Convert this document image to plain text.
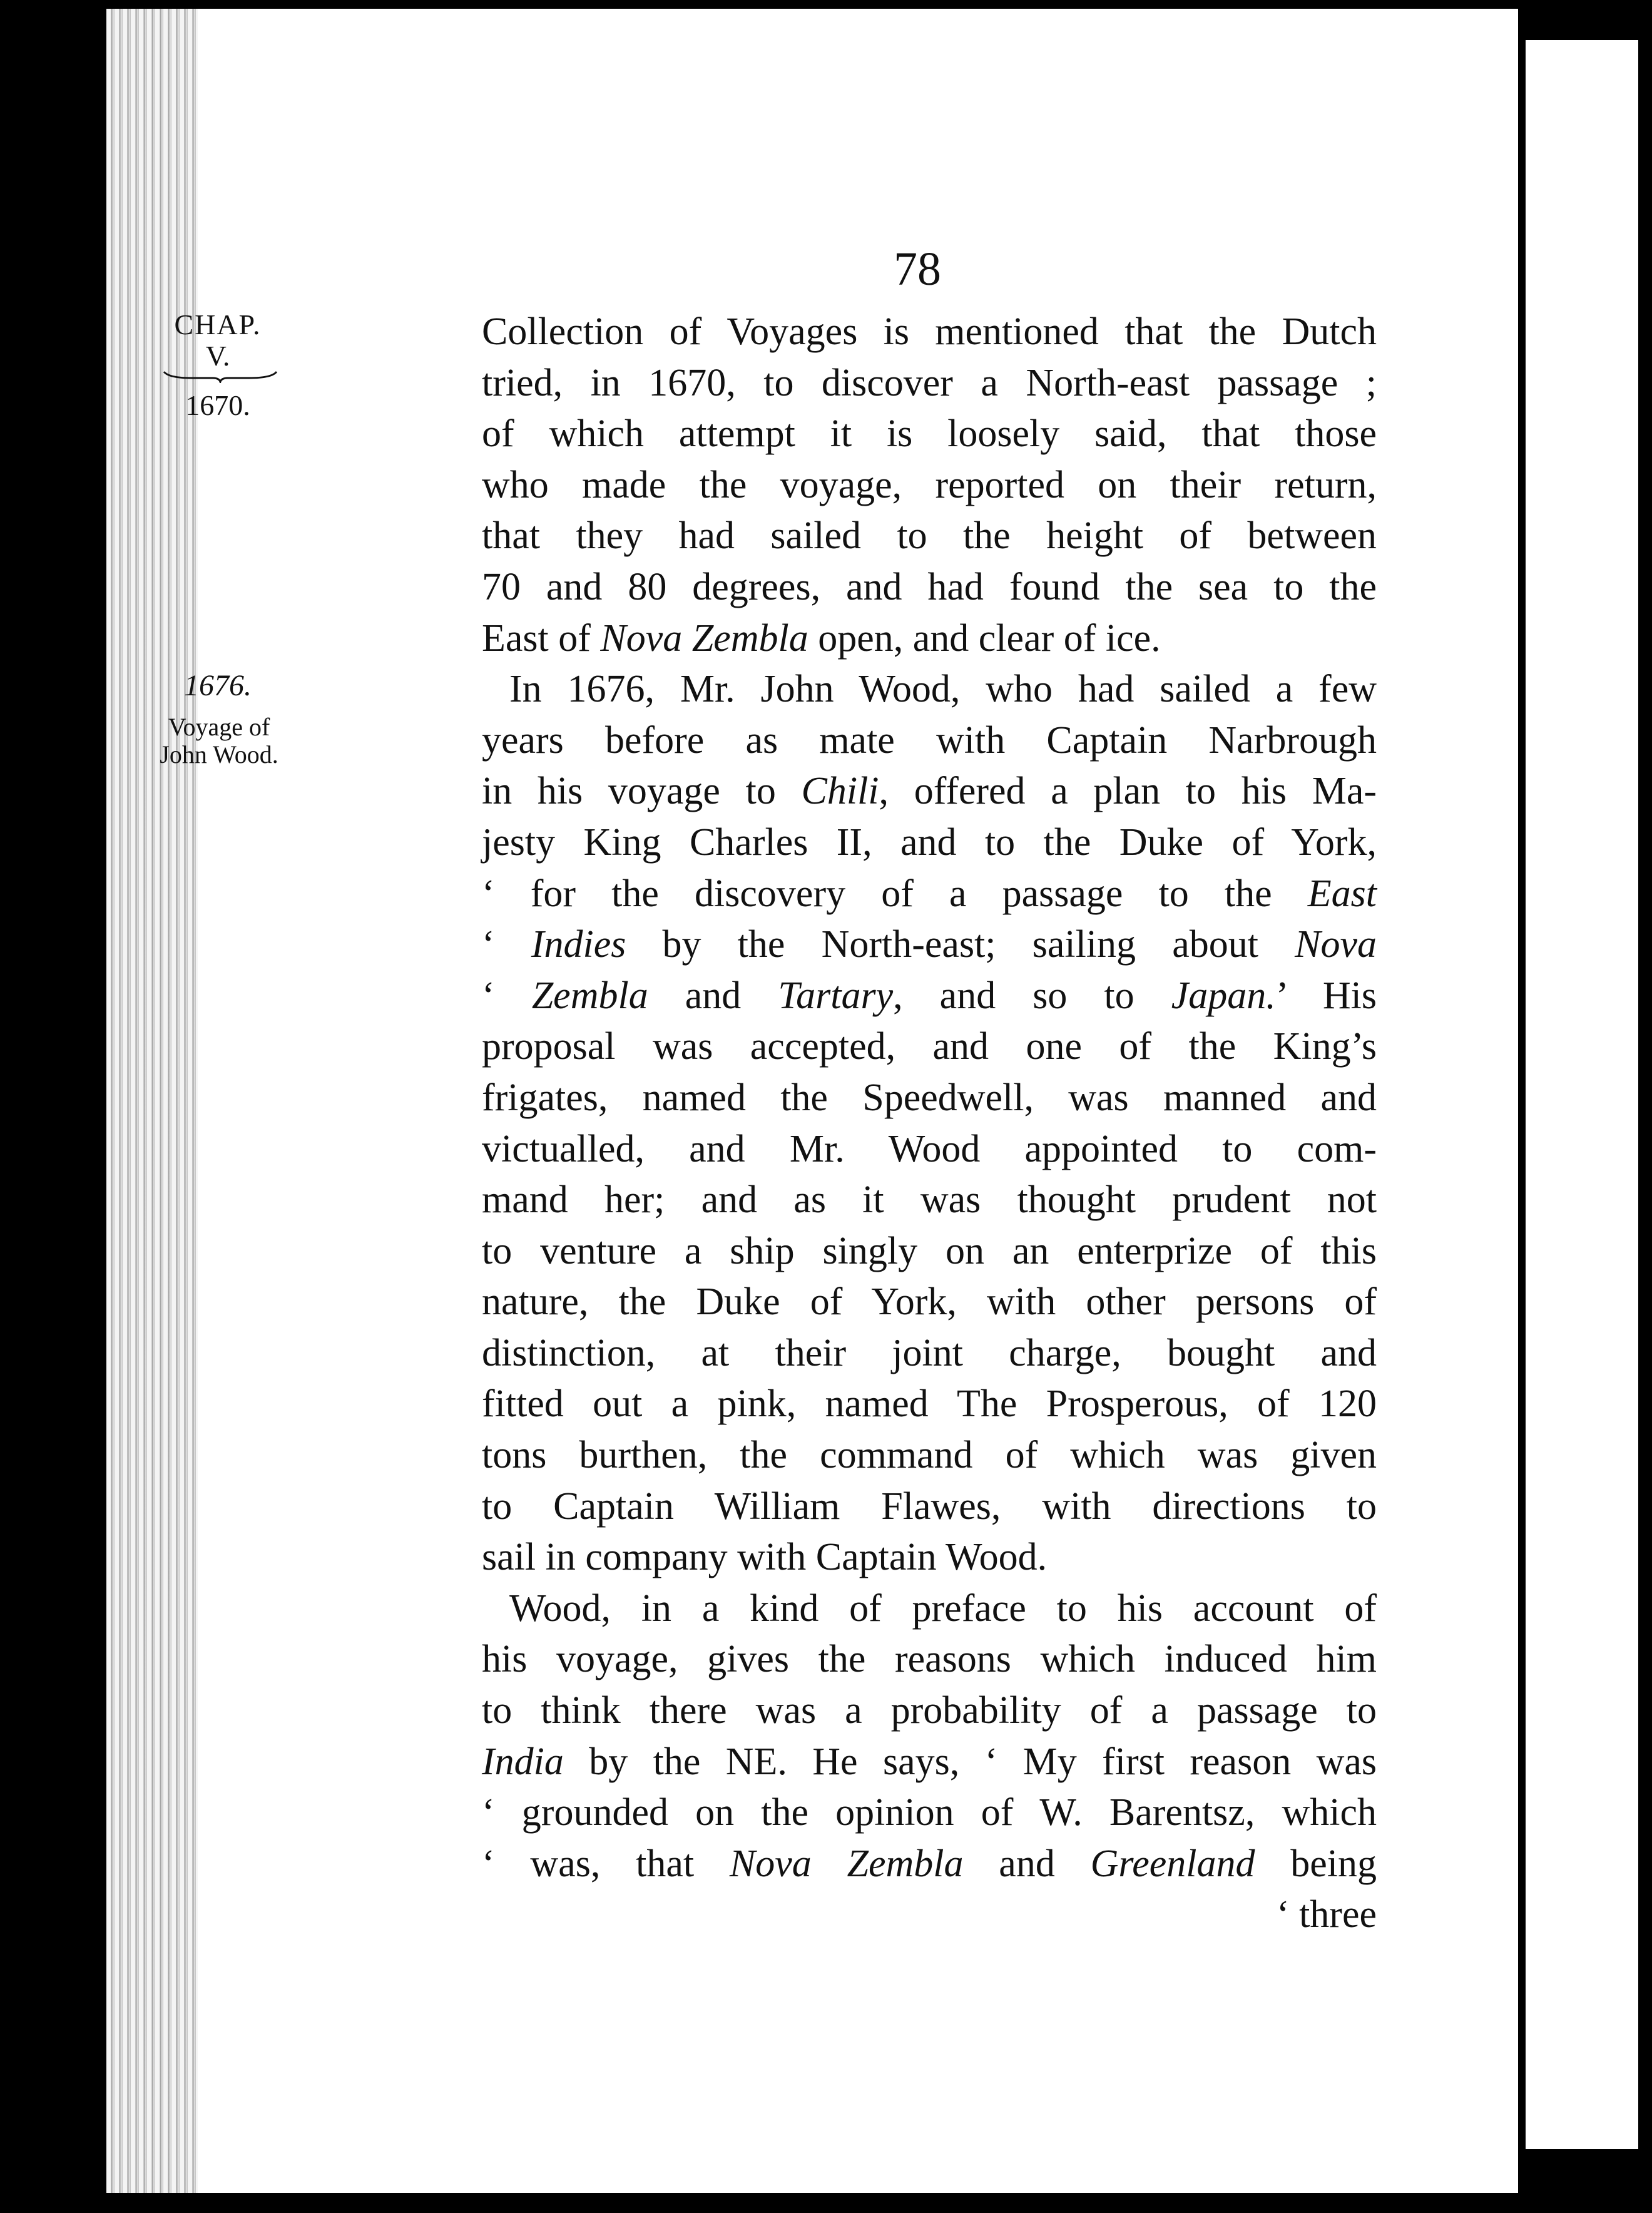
78
CHAP.
V.
1670.
1676.
Voyage of
John Wood.
Collection of Voyages is mentioned that the Dutch
tried, in 1670, to discover a North-east passage ;
of which attempt it is loosely said, that those
who made the voyage, reported on their return,
that they had sailed to the height of between
70 and 80 degrees, and had found the sea to the
East of Nova Zembla open, and clear of ice.
In 1676, Mr. John Wood, who had sailed a few
years before as mate with Captain Narbrough
in his voyage to Chili, offered a plan to his Ma-
jesty King Charles II, and to the Duke of York,
‘ for the discovery of a passage to the East
‘ Indies by the North-east; sailing about Nova
‘ Zembla and Tartary, and so to Japan.’ His
proposal was accepted, and one of the King’s
frigates, named the Speedwell, was manned and
victualled, and Mr. Wood appointed to com-
mand her; and as it was thought prudent not
to venture a ship singly on an enterprize of this
nature, the Duke of York, with other persons of
distinction, at their joint charge, bought and
fitted out a pink, named The Prosperous, of 120
tons burthen, the command of which was given
to Captain William Flawes, with directions to
sail in company with Captain Wood.
Wood, in a kind of preface to his account of
his voyage, gives the reasons which induced him
to think there was a probability of a passage to
India by the NE. He says, ‘ My first reason was
‘ grounded on the opinion of W. Barentsz, which
‘ was, that Nova Zembla and Greenland being
‘ three
